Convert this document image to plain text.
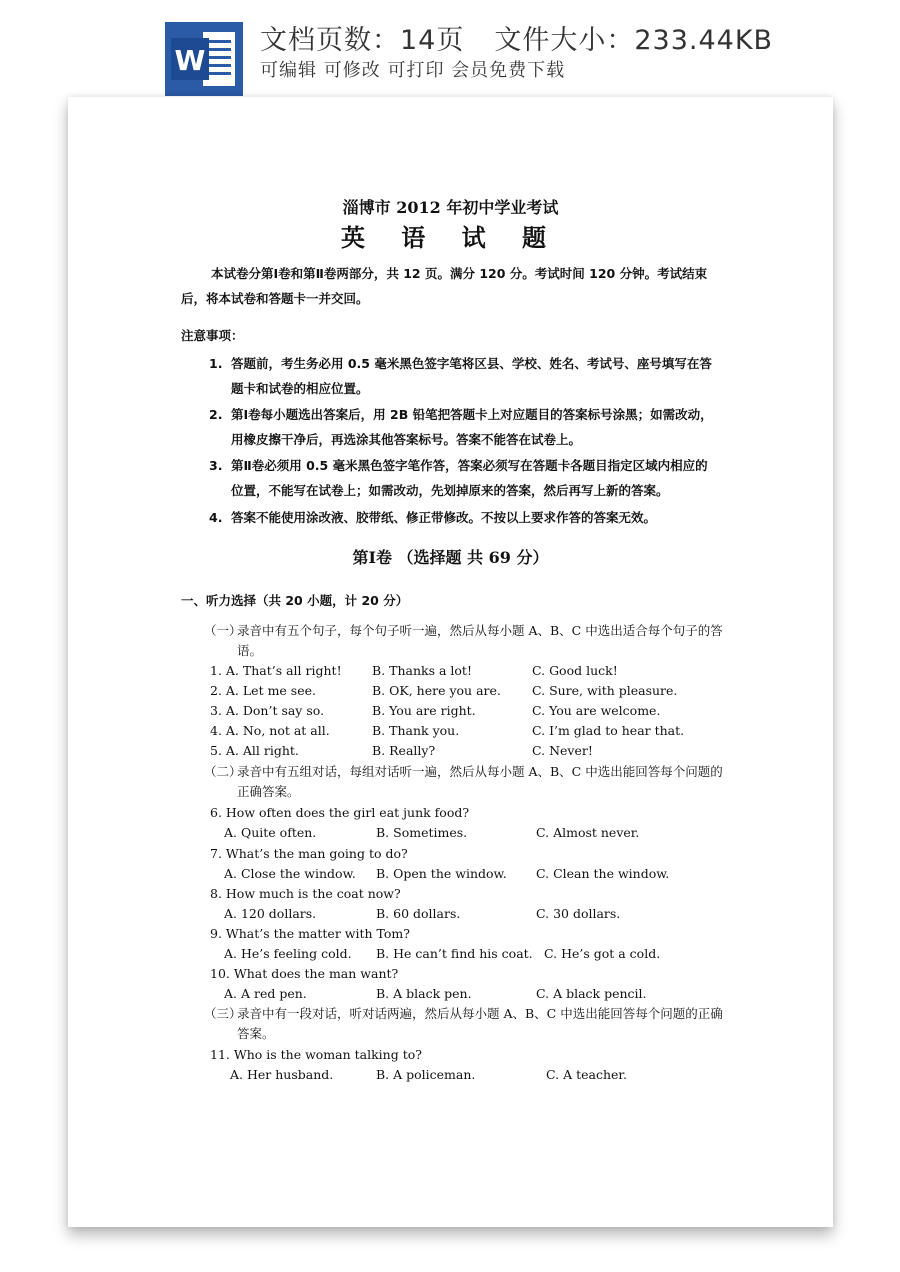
W
文档页数：14页 文件大小：233.44KB
可编辑 可修改 可打印 会员免费下载
淄博市 2012 年初中学业考试
英 语 试 题
本试卷分第Ⅰ卷和第Ⅱ卷两部分，共 12 页。满分 120 分。考试时间 120 分钟。考试结束后，将本试卷和答题卡一并交回。
注意事项：
1. 答题前，考生务必用 0.5 毫米黑色签字笔将区县、学校、姓名、考试号、座号填写在答题卡和试卷的相应位置。
2. 第Ⅰ卷每小题选出答案后，用 2B 铅笔把答题卡上对应题目的答案标号涂黑；如需改动，用橡皮擦干净后，再选涂其他答案标号。答案不能答在试卷上。
3. 第Ⅱ卷必须用 0.5 毫米黑色签字笔作答，答案必须写在答题卡各题目指定区域内相应的位置，不能写在试卷上；如需改动，先划掉原来的答案，然后再写上新的答案。
4. 答案不能使用涂改液、胶带纸、修正带修改。不按以上要求作答的答案无效。
第Ⅰ卷 （选择题 共 69 分）
一、听力选择（共 20 小题，计 20 分）
（一）
录音中有五个句子，每个句子听一遍，然后从每小题 A、B、C 中选出适合每个句子的答语。
1. A. That’s all right! B. Thanks a lot!	C. Good luck!
2. A. Let me see.	B. OK, here you are. C. Sure, with pleasure.
3. A. Don’t say so.	B. You are right.	C. You are welcome.
4. A. No, not at all.	B. Thank you.	C. I’m glad to hear that.
5. A. All right.	B. Really?	C. Never!
（二）
录音中有五组对话，每组对话听一遍，然后从每小题 A、B、C 中选出能回答每个问题的正确答案。
6. How often does the girl eat junk food?
A. Quite often.	B. Sometimes.	C. Almost never.
7. What’s the man going to do?
A. Close the window. B. Open the window. C. Clean the window.
8. How much is the coat now?
A. 120 dollars.	B. 60 dollars.	C. 30 dollars.
9. What’s the matter with Tom?
A. He’s feeling cold. B. He can’t find his coat. C. He’s got a cold.
10. What does the man want?
A. A red pen.	B. A black pen.	C. A black pencil.
（三）
录音中有一段对话，听对话两遍，然后从每小题 A、B、C 中选出能回答每个问题的正确答案。
11. Who is the woman talking to?
A. Her husband.	B. A policeman.	C. A teacher.
